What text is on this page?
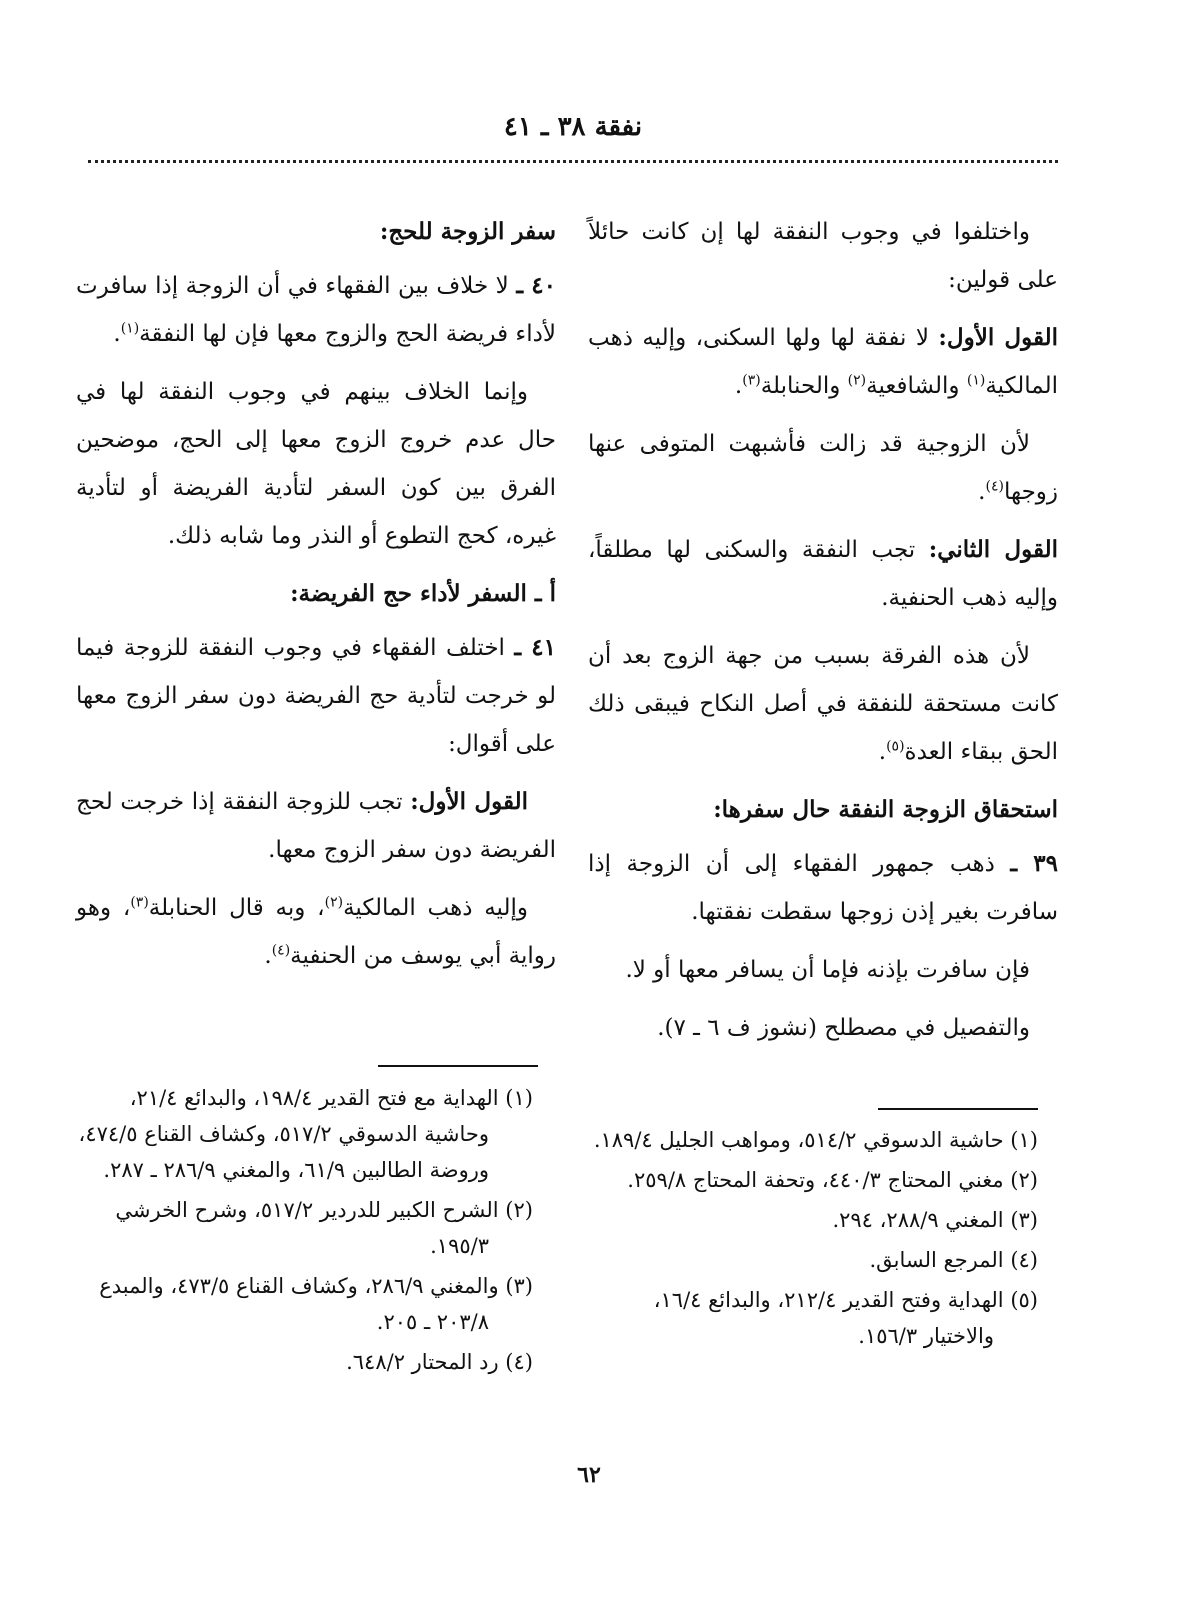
نفقة ٣٨ ـ ٤١

واختلفوا في وجوب النفقة لها إن كانت حائلاً على قولين:

القول الأول: لا نفقة لها ولها السكنى، وإليه ذهب المالكية$^{(١)}$ والشافعية$^{(٢)}$ والحنابلة$^{(٣)}$.

لأن الزوجية قد زالت فأشبهت المتوفى عنها زوجها$^{(٤)}$.

القول الثاني: تجب النفقة والسكنى لها مطلقاً، وإليه ذهب الحنفية.

لأن هذه الفرقة بسبب من جهة الزوج بعد أن كانت مستحقة للنفقة في أصل النكاح فيبقى ذلك الحق ببقاء العدة$^{(٥)}$.

استحقاق الزوجة النفقة حال سفرها:

٣٩ ـ ذهب جمهور الفقهاء إلى أن الزوجة إذا سافرت بغير إذن زوجها سقطت نفقتها.

فإن سافرت بإذنه فإما أن يسافر معها أو لا.

والتفصيل في مصطلح (نشوز ف ٦ ـ ٧).

سفر الزوجة للحج:

٤٠ ـ لا خلاف بين الفقهاء في أن الزوجة إذا سافرت لأداء فريضة الحج والزوج معها فإن لها النفقة$^{(١)}$.

وإنما الخلاف بينهم في وجوب النفقة لها في حال عدم خروج الزوج معها إلى الحج، موضحين الفرق بين كون السفر لتأدية الفريضة أو لتأدية غيره، كحج التطوع أو النذر وما شابه ذلك.

أ ـ السفر لأداء حج الفريضة:

٤١ ـ اختلف الفقهاء في وجوب النفقة للزوجة فيما لو خرجت لتأدية حج الفريضة دون سفر الزوج معها على أقوال:

القول الأول: تجب للزوجة النفقة إذا خرجت لحج الفريضة دون سفر الزوج معها.

وإليه ذهب المالكية$^{(٢)}$، وبه قال الحنابلة$^{(٣)}$، وهو رواية أبي يوسف من الحنفية$^{(٤)}$.

(١) حاشية الدسوقي ٥١٤/٢، ومواهب الجليل ١٨٩/٤.

(٢) مغني المحتاج ٤٤٠/٣، وتحفة المحتاج ٢٥٩/٨.

(٣) المغني ٢٨٨/٩، ٢٩٤.

(٤) المرجع السابق.

(٥) الهداية وفتح القدير ٢١٢/٤، والبدائع ١٦/٤، والاختيار ١٥٦/٣.

(١) الهداية مع فتح القدير ١٩٨/٤، والبدائع ٢١/٤، وحاشية الدسوقي ٥١٧/٢، وكشاف القناع ٤٧٤/٥، وروضة الطالبين ٦١/٩، والمغني ٢٨٦/٩ ـ ٢٨٧.

(٢) الشرح الكبير للدردير ٥١٧/٢، وشرح الخرشي ١٩٥/٣.

(٣) والمغني ٢٨٦/٩، وكشاف القناع ٤٧٣/٥، والمبدع ٢٠٣/٨ ـ ٢٠٥.

(٤) رد المحتار ٦٤٨/٢.

٦٢
